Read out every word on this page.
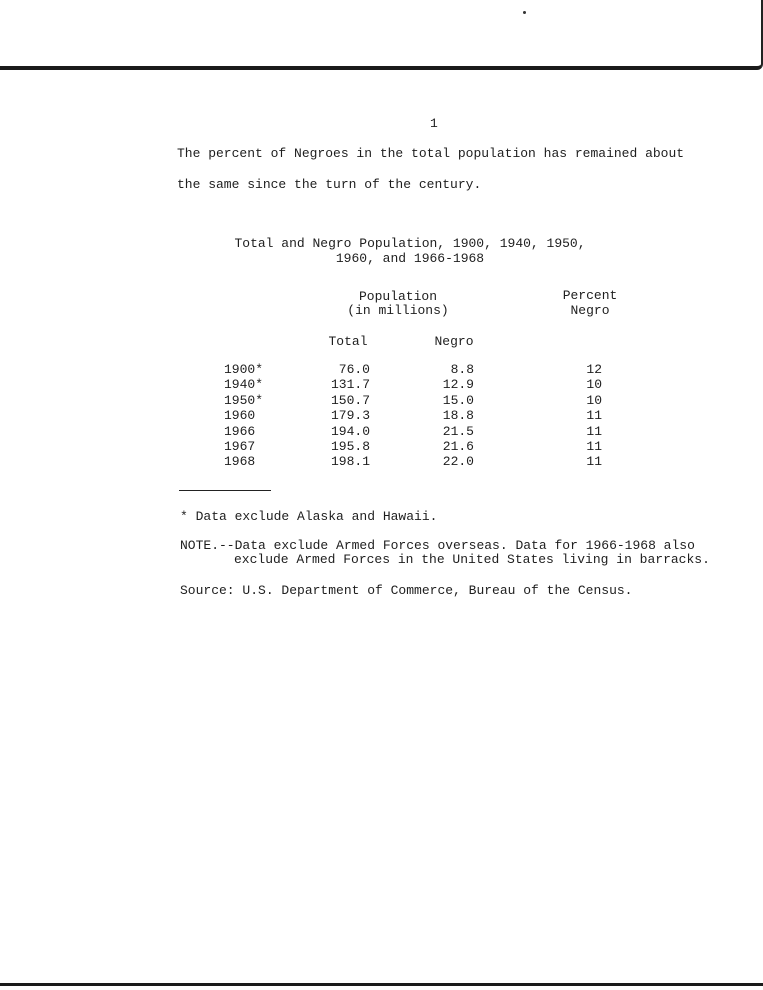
1
The percent of Negroes in the total population has remained about
the same since the turn of the century.
Total and Negro Population, 1900, 1940, 1950,
1960, and 1966-1968
Population
(in millions)
Percent
Negro
Total	Negro
1900*	76.0	8.8	12
1940*	131.7	12.9	10
1950*	150.7	15.0	10
1960	179.3	18.8	11
1966	194.0	21.5	11
1967	195.8	21.6	11
1968	198.1	22.0	11
* Data exclude Alaska and Hawaii.
NOTE.--Data exclude Armed Forces overseas. Data for 1966-1968 also
exclude Armed Forces in the United States living in barracks.
Source: U.S. Department of Commerce, Bureau of the Census.
